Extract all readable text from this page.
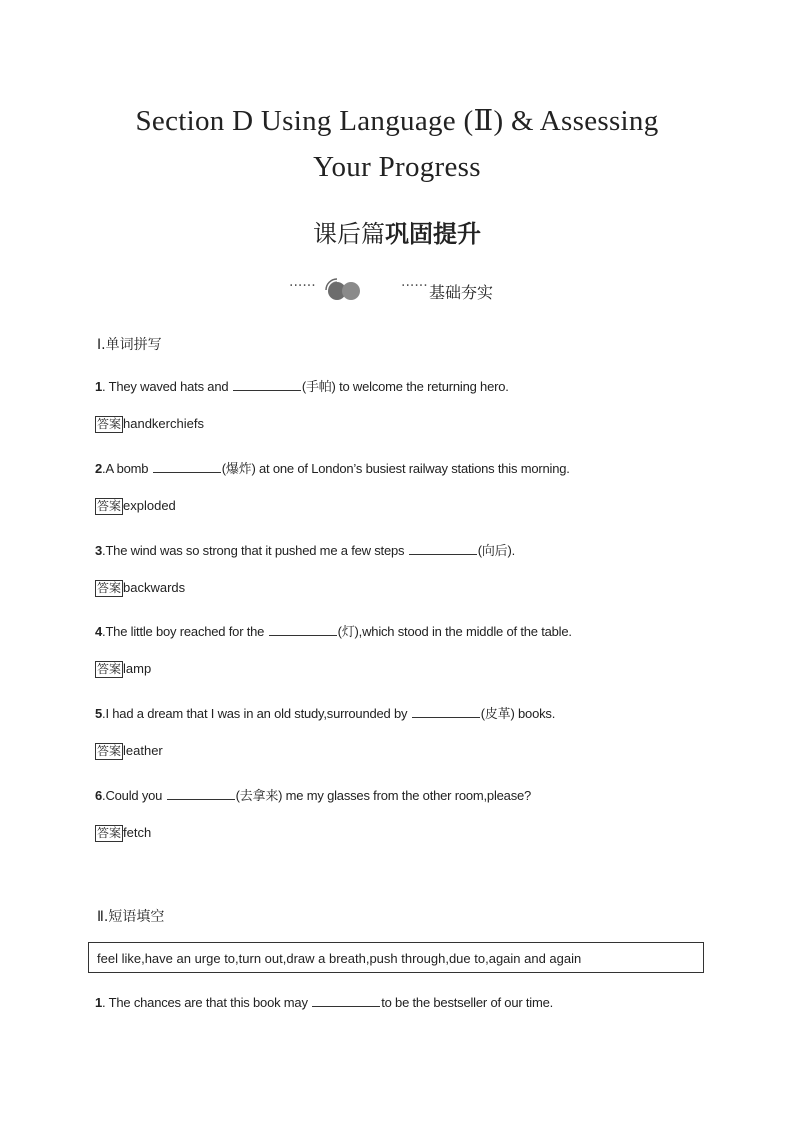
Section D Using Language (Ⅱ) & Assessing
Your Progress
课后篇巩固提升
······	······ 基础夯实
Ⅰ.单词拼写
1. They waved hats and	(手帕) to welcome the returning hero.
答案 handkerchiefs
2.A bomb	(爆炸) at one of London’s busiest railway stations this morning.
答案 exploded
3.The wind was so strong that it pushed me a few steps	(向后).
答案 backwards
4.The little boy reached for the	(灯),which stood in the middle of the table.
答案 lamp
5.I had a dream that I was in an old study,surrounded by	(皮革) books.
答案 leather
6.Could you	(去拿来) me my glasses from the other room,please?
答案 fetch
Ⅱ.短语填空
feel like,have an urge to,turn out,draw a breath,push through,due to,again and again
1. The chances are that this book may	to be the bestseller of our time.
